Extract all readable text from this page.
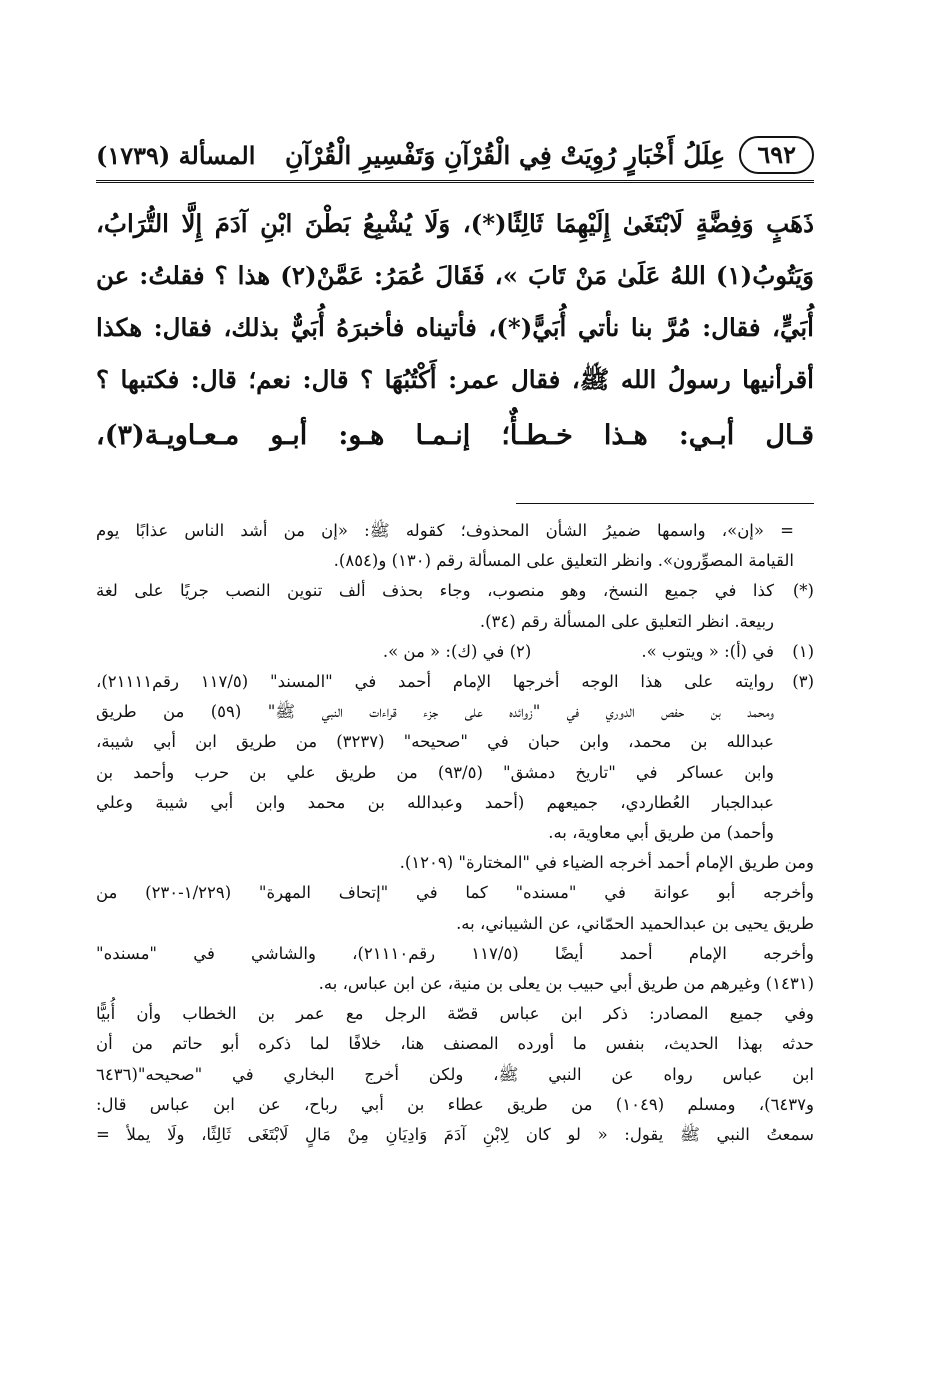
٦٩٢
عِلَلُ أَخْبَارٍ رُوِيَتْ فِي الْقُرْآنِ وَتَفْسِيرِ الْقُرْآنِ
المسألة (١٧٣٩)
ذَهَبٍ وَفِضَّةٍ لَابْتَغَىٰ إِلَيْهِمَا ثَالِثًا(*)، وَلَا يُشْبِعُ بَطْنَ ابْنِ آدَمَ إِلَّا التُّرَابُ،
وَيَتُوبُ(١) اللهُ عَلَىٰ مَنْ تَابَ »، فَقَالَ عُمَرُ: عَمَّنْ(٢) هذا ؟ فقلتُ: عن
أُبَيٍّ، فقال: مُرَّ بنا نأتي أُبَيًّ(*)، فأتيناه فأخبرَهُ أُبَيٌّ بذلك، فقال: هكذا
أقرأنيها رسولُ الله ﷺ، فقال عمر: أَكْتُبُهَا ؟ قال: نعم؛ قال: فكتبها ؟
قـال أبـي: هـذا خـطـأٌ؛ إنـمـا هـو: أبـو مـعـاويـة(٣)،
= «إن»، واسمها ضميرُ الشأن المحذوف؛ كقوله ﷺ: «إن من أشد الناس عذابًا يوم
القيامة المصوِّرون». وانظر التعليق على المسألة رقم (١٣٠) و(٨٥٤).
(*)
كذا في جميع النسخ، وهو منصوب، وجاء بحذف ألف تنوين النصب جريًا على لغة
ربيعة. انظر التعليق على المسألة رقم (٣٤).
(١)
في (أ): « ويتوب ».
(٢) في (ك): « من ».
(٣)
روايته على هذا الوجه أخرجها الإمام أحمد في "المسند" (١١٧/٥ رقم٢١١١١)،
ومحمد بن حفص الدوري في "زوائده على جزء قراءات النبي ﷺ" (٥٩) من طريق
عبدالله بن محمد، وابن حبان في "صحيحه" (٣٢٣٧) من طريق ابن أبي شيبة،
وابن عساكر في "تاريخ دمشق" (٩٣/٥) من طريق علي بن حرب وأحمد بن
عبدالجبار العُطاردي، جميعهم (أحمد وعبدالله بن محمد وابن أبي شيبة وعلي
وأحمد) من طريق أبي معاوية، به.
ومن طريق الإمام أحمد أخرجه الضياء في "المختارة" (١٢٠٩).
وأخرجه أبو عوانة في "مسنده" كما في "إتحاف المهرة" (١/٢٢٩-٢٣٠) من
طريق يحيى بن عبدالحميد الحمّاني، عن الشيباني، به.
وأخرجه الإمام أحمد أيضًا (١١٧/٥ رقم٢١١١٠)، والشاشي في "مسنده"
(١٤٣١) وغيرهم من طريق أبي حبيب بن يعلى بن منية، عن ابن عباس، به.
وفي جميع المصادر: ذكر ابن عباس قصّة الرجل مع عمر بن الخطاب وأن أُبيًّا
حدثه بهذا الحديث، بنفس ما أورده المصنف هنا، خلافًا لما ذكره أبو حاتم من أن
ابن عباس رواه عن النبي ﷺ، ولكن أخرج البخاري في "صحيحه"(٦٤٣٦
و٦٤٣٧)، ومسلم (١٠٤٩) من طريق عطاء بن أبي رباح، عن ابن عباس قال:
سمعتُ النبي ﷺ يقول: « لو كان لِابْنِ آدَمَ وَادِيَانِ مِنْ مَالٍ لَابْتَغَى ثَالِثًا، ولَا يملأ =
